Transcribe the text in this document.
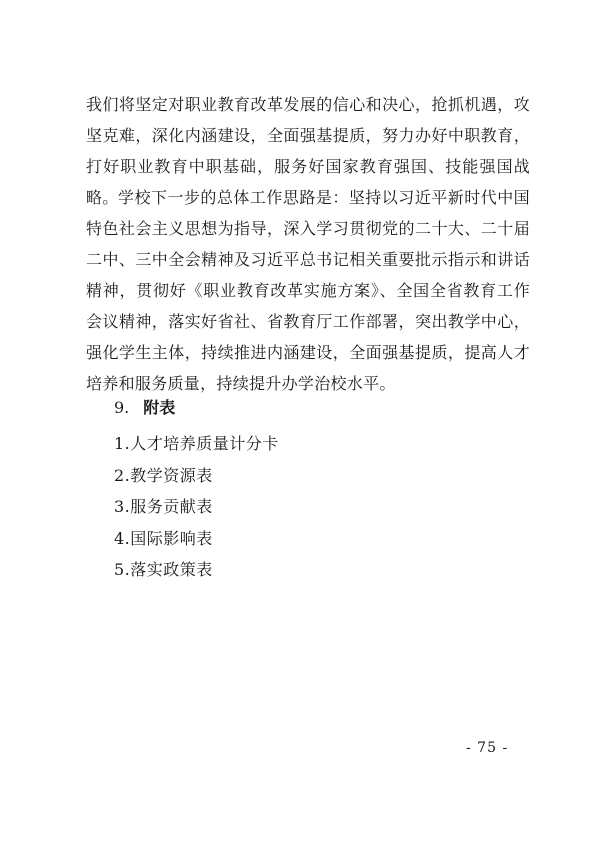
我们将坚定对职业教育改革发展的信心和决心，抢抓机遇，攻坚克难，深化内涵建设，全面强基提质，努力办好中职教育，打好职业教育中职基础，服务好国家教育强国、技能强国战略。 学校下一步的总体工作思路是：坚持以习近平新时代中国特色社会主义思想为指导，深入学习贯彻党的二十大、二十届二中、三中全会精神及习近平总书记相关重要批示指示和讲话精神，贯彻好《职业教育改革实施方案》、全国全省教育工作会议精神，落实好省社、省教育厅工作部署，突出教学中心，强化学生主体，持续推进内涵建设，全面强基提质，提高人才培养和服务质量，持续提升办学治校水平。

9. 附表
1.人才培养质量计分卡
2.教学资源表
3.服务贡献表
4.国际影响表
5.落实政策表
- 75 -
